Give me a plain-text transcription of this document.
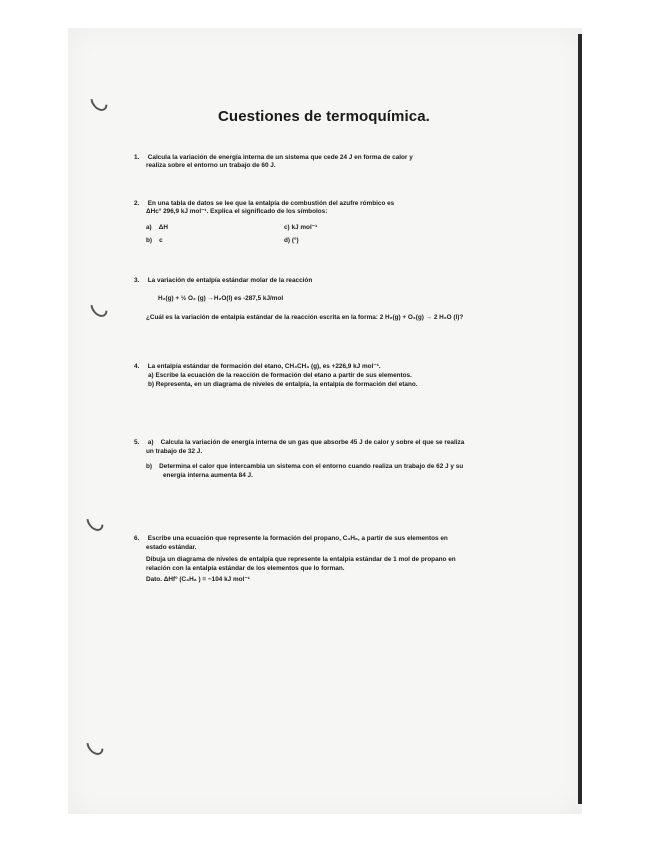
Cuestiones de termoquímica.
1. Calcula la variación de energía interna de un sistema que cede 24 J en forma de calor y
realiza sobre el entorno un trabajo de 60 J.
2. En una tabla de datos se lee que la entalpía de combustión del azufre rómbico es
ΔHc° 296,9 kJ mol⁻¹. Explica el significado de los símbolos:
a) ΔH	c) kJ mol⁻¹
b) c	d) (°)
3. La variación de entalpía estándar molar de la reacción
H₂(g) + ½ O₂ (g) →H₂O(l) es -287,5 kJ/mol
¿Cuál es la variación de entalpía estándar de la reacción escrita en la forma: 2 H₂(g) + O₂(g) → 2 H₂O (l)?
4. La entalpía estándar de formación del etano, CH₃CH₃ (g), es +226,9 kJ mol⁻¹.
a) Escribe la ecuación de la reacción de formación del etano a partir de sus elementos.
b) Representa, en un diagrama de niveles de entalpía, la entalpía de formación del etano.
5. a) Calcula la variación de energía interna de un gas que absorbe 45 J de calor y sobre el que se realiza
un trabajo de 32 J.
b) Determina el calor que intercambia un sistema con el entorno cuando realiza un trabajo de 62 J y su
energía interna aumenta 84 J.
6. Escribe una ecuación que represente la formación del propano, C₃H₈, a partir de sus elementos en
estado estándar.
Dibuja un diagrama de niveles de entalpía que represente la entalpía estándar de 1 mol de propano en
relación con la entalpía estándar de los elementos que lo forman.
Dato. ΔHf° (C₃H₈ ) = −104 kJ mol⁻¹
